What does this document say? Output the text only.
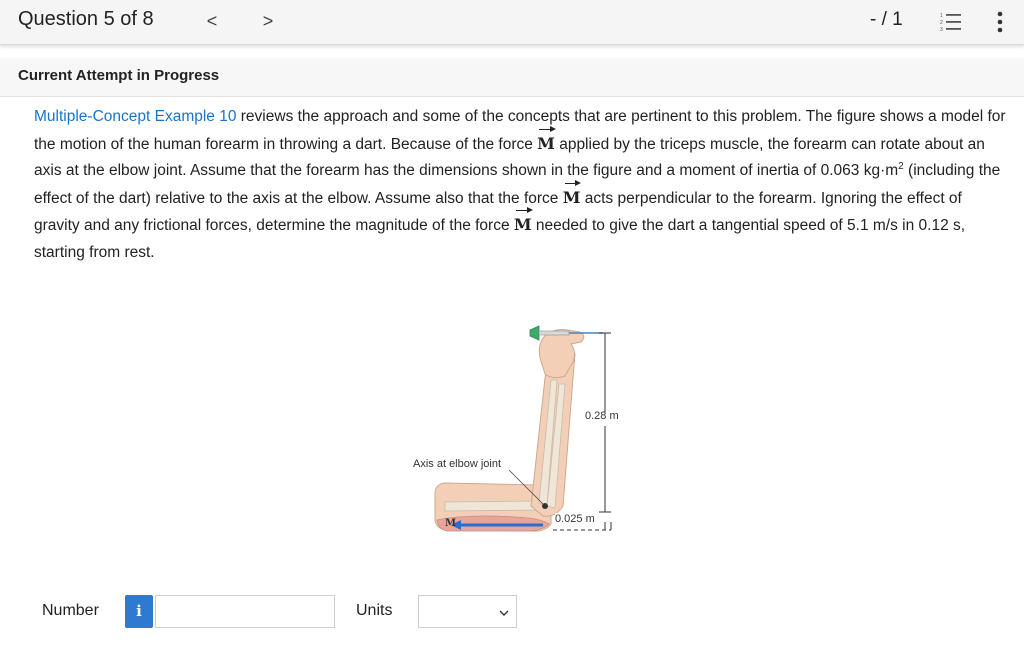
Question 5 of 8	<	>	- / 1	1
2
3
Current Attempt in Progress
Multiple-Concept Example 10 reviews the approach and some of the concepts that are pertinent to this problem. The figure shows a model for the motion of the human forearm in throwing a dart. Because of the force M applied by the triceps muscle, the forearm can rotate about an axis at the elbow joint. Assume that the forearm has the dimensions shown in the figure and a moment of inertia of 0.063 $kg\cdot m^2$ (including the effect of the dart) relative to the axis at the elbow. Assume also that the force M acts perpendicular to the forearm. Ignoring the effect of gravity and any frictional forces, determine the magnitude of the force M needed to give the dart a tangential speed of 5.1 m/s in 0.12 s, starting from rest.
0.28 m
0.025 m
Axis at elbow joint
M
Number	i	Units
